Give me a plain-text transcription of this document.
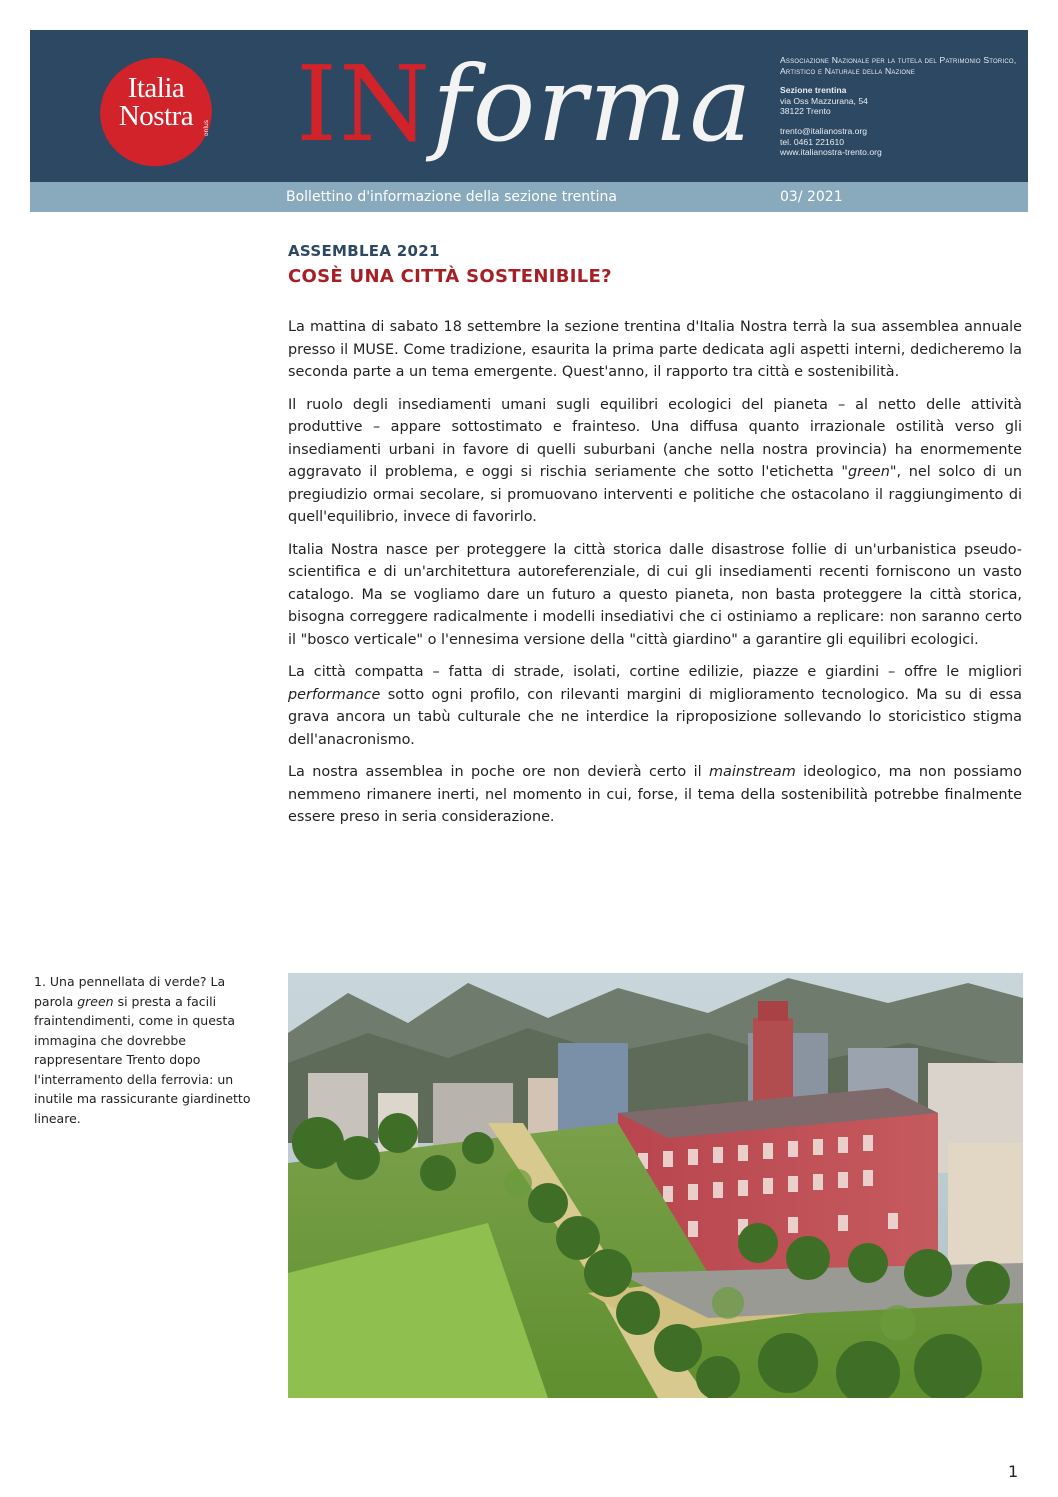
Italia
Nostra	onlus INforma	Associazione Nazionale per la tutela del Patrimonio Storico, Artistico e Naturale della Nazione
Sezione trentina
via Oss Mazzurana, 54
38122 Trento
trento@italianostra.org
tel. 0461 221610
www.italianostra-trento.org
Bollettino d'informazione della sezione trentina	03/ 2021
ASSEMBLEA 2021
COSÈ UNA CITTÀ SOSTENIBILE?

La mattina di sabato 18 settembre la sezione trentina d'Italia Nostra terrà la sua assemblea annuale presso il MUSE. Come tradizione, esaurita la prima parte dedicata agli aspetti interni, dedicheremo la seconda parte a un tema emergente. Quest'anno, il rapporto tra città e sostenibilità.

Il ruolo degli insediamenti umani sugli equilibri ecologici del pianeta – al netto delle attività produttive – appare sottostimato e frainteso. Una diffusa quanto irrazionale ostilità verso gli insediamenti urbani in favore di quelli suburbani (anche nella nostra provincia) ha enormemente aggravato il problema, e oggi si rischia seriamente che sotto l'etichetta "green", nel solco di un pregiudizio ormai secolare, si promuovano interventi e politiche che ostacolano il raggiungimento di quell'equilibrio, invece di favorirlo.

Italia Nostra nasce per proteggere la città storica dalle disastrose follie di un'urbanistica pseudo-scientifica e di un'architettura autoreferenziale, di cui gli insediamenti recenti forniscono un vasto catalogo. Ma se vogliamo dare un futuro a questo pianeta, non basta proteggere la città storica, bisogna correggere radicalmente i modelli insediativi che ci ostiniamo a replicare: non saranno certo il "bosco verticale" o l'ennesima versione della "città giardino" a garantire gli equilibri ecologici.

La città compatta – fatta di strade, isolati, cortine edilizie, piazze e giardini – offre le migliori performance sotto ogni profilo, con rilevanti margini di miglioramento tecnologico. Ma su di essa grava ancora un tabù culturale che ne interdice la riproposizione sollevando lo storicistico stigma dell'anacronismo.

La nostra assemblea in poche ore non devierà certo il mainstream ideologico, ma non possiamo nemmeno rimanere inerti, nel momento in cui, forse, il tema della sostenibilità potrebbe finalmente essere preso in seria considerazione.

1. Una pennellata di verde? La parola green si presta a facili fraintendimenti, come in questa immagina che dovrebbe rappresentare Trento dopo l'interramento della ferrovia: un inutile ma rassicurante giardinetto lineare.
1
